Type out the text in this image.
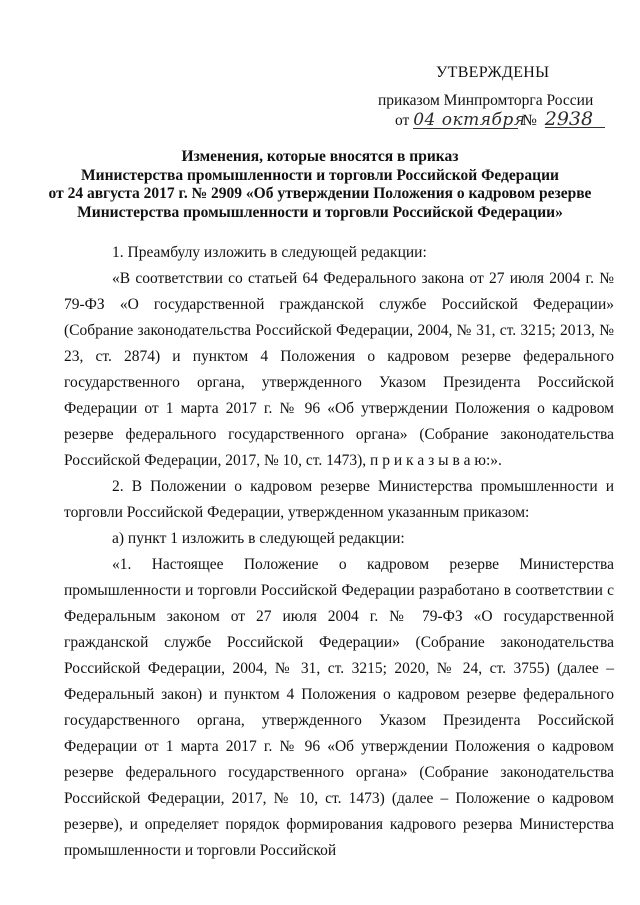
УТВЕРЖДЕНЫ
приказом Минпромторга России
от 04 октября № 2938
Изменения, которые вносятся в приказ
Министерства промышленности и торговли Российской Федерации
от 24 августа 2017 г. № 2909 «Об утверждении Положения о кадровом резерве
Министерства промышленности и торговли Российской Федерации»

1. Преамбулу изложить в следующей редакции:

«В соответствии со статьей 64 Федерального закона от 27 июля 2004 г. № 79-ФЗ «О государственной гражданской службе Российской Федерации» (Собрание законодательства Российской Федерации, 2004, № 31, ст. 3215; 2013, № 23, ст. 2874) и пунктом 4 Положения о кадровом резерве федерального государственного органа, утвержденного Указом Президента Российской Федерации от 1 марта 2017 г. № 96 «Об утверждении Положения о кадровом резерве федерального государственного органа» (Собрание законодательства Российской Федерации, 2017, № 10, ст. 1473), п р и к а з ы в а ю:».

2. В Положении о кадровом резерве Министерства промышленности и торговли Российской Федерации, утвержденном указанным приказом:

а) пункт 1 изложить в следующей редакции:

«1. Настоящее Положение о кадровом резерве Министерства промышленности и торговли Российской Федерации разработано в соответствии с Федеральным законом от 27 июля 2004 г. № 79-ФЗ «О государственной гражданской службе Российской Федерации» (Собрание законодательства Российской Федерации, 2004, № 31, ст. 3215; 2020, № 24, ст. 3755) (далее – Федеральный закон) и пунктом 4 Положения о кадровом резерве федерального государственного органа, утвержденного Указом Президента Российской Федерации от 1 марта 2017 г. № 96 «Об утверждении Положения о кадровом резерве федерального государственного органа» (Собрание законодательства Российской Федерации, 2017, № 10, ст. 1473) (далее – Положение о кадровом резерве), и определяет порядок формирования кадрового резерва Министерства промышленности и торговли Российской
